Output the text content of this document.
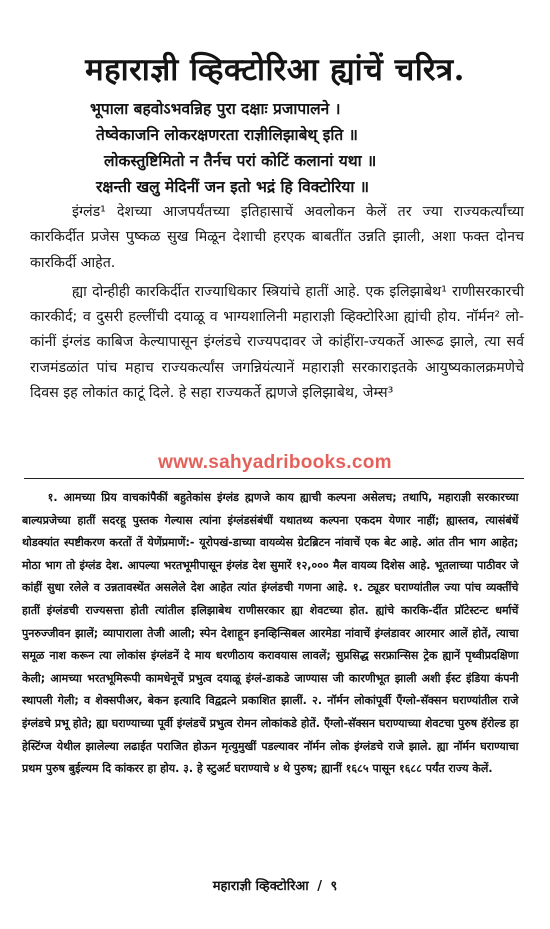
महाराज्ञी व्हिक्टोरिआ ह्यांचें चरित्र.
भूपाला बहवोऽभवन्निह पुरा दक्षाः प्रजापालने ।
तेष्वेकाजनि लोकरक्षणरता राज्ञीलिझाबेथ् इति ॥
लोकस्तुष्टिमितो न तैर्नच परां कोटिं कलानां यथा ॥
रक्षन्ती खलु मेदिनीं जन इतो भद्रं हि विक्टोरिया ॥

इंग्लंड¹ देशच्या आजपर्यंतच्या इतिहासाचें अवलोकन केलें तर ज्या राज्यकर्त्यांच्या कारकिर्दीत प्रजेस पुष्कळ सुख मिळून देशाची हरएक बाबतींत उन्नति झाली, अशा फक्त दोनच कारकिर्दी आहेत.

ह्या दोन्हीही कारकिर्दीत राज्याधिकार स्त्रियांचे हातीं आहे. एक इलिझाबेथ¹ राणीसरकारची कारकीर्द; व दुसरी हल्लींची दयाळू व भाग्यशालिनी महाराज्ञी व्हिक्टोरिआ ह्यांची होय. नॉर्मन² लो-कांनीं इंग्लंड काबिज केल्यापासून इंग्लंडचे राज्यपदावर जे कांहींरा-ज्यकर्ते आरूढ झाले, त्या सर्व राजमंडळांत पांच महाच राज्यकर्त्यांस जगन्नियंत्यानें महाराज्ञी सरकाराइतके आयुष्यकालक्रमणेचे दिवस इह लोकांत काटूं दिले. हे सहा राज्यकर्ते ह्मणजे इलिझाबेथ, जेम्स³

www.sahyadribooks.com

१. आमच्या प्रिय वाचकांपैकीं बहुतेकांस इंग्लंड ह्मणजे काय ह्याची कल्पना असेलच; तथापि, महाराज्ञी सरकारच्या बाल्यप्रजेच्या हातीं सदरहू पुस्तक गेल्यास त्यांना इंग्लंडसंबंधीं यथातथ्य कल्पना एकदम येणार नाहीं; ह्यास्तव, त्यासंबंधें थोडक्यांत स्पष्टीकरण करतों तें येणेंप्रमाणें:- यूरोपखं-डाच्या वायव्येस ग्रेटब्रिटन नांवाचें एक बेट आहे. आंत तीन भाग आहेत; मोठा भाग तो इंग्लंड देश. आपल्या भरतभूमीपासून इंग्लंड देश सुमारें १२,००० मैल वायव्य दिशेस आहे. भूतलाच्या पाठीवर जे कांहीं सुधा रलेले व उन्नतावस्थेंत असलेले देश आहेत त्यांत इंग्लंडची गणना आहे. १. ट्यूडर घराण्यांतील ज्या पांच व्यक्तींचे हातीं इंग्लंडची राज्यसत्ता होती त्यांतील इलिझाबेथ राणीसरकार ह्या शेवटच्या होत. ह्यांचे कारकि-र्दीत प्रॉटेस्टन्ट धर्माचें पुनरुज्जीवन झालें; व्यापाराला तेजी आली; स्पेन देशाहून इनव्हिन्सिबल आरमेडा नांवाचें इंग्लंडावर आरमार आलें होतें, त्याचा समूळ नाश करून त्या लोकांस इंग्लंडनें दे माय धरणीठाय करावयास लावलें; सुप्रसिद्ध सरफ्रान्सिस ट्रेक ह्यानें पृथ्वीप्रदक्षिणा केली; आमच्या भरतभूमिरूपी कामधेनूचें प्रभुत्व दयाळू इंग्लं-डाकडे जाण्यास जी कारणीभूत झाली अशी ईस्ट इंडिया कंपनी स्थापली गेली; व शेक्सपीअर, बेकन इत्यादि विद्वद्रत्ने प्रकाशित झालीं. २. नॉर्मन लोकांपूर्वी ऍंग्लो-सॅक्सन घराण्यांतील राजे इंग्लंडचे प्रभू होते; ह्या घराण्याच्या पूर्वी इंग्लंडचें प्रभुत्व रोमन लोकांकडे होतें. ऍंग्लो-सॅक्सन घराण्याच्या शेवटचा पुरुष हॅरोल्ड हा हेस्टिंग्ज येथील झालेल्या लढाईत पराजित होऊन मृत्युमुखीं पडल्यावर नॉर्मन लोक इंग्लंडचे राजे झाले. ह्या नॉर्मन घराण्याचा प्रथम पुरुष बुईल्यम दि कांकरर हा होय. ३. हे स्टुअर्ट घराण्याचे ४ थे पुरुष; ह्यानीं १६८५ पासून १६८८ पर्यंत राज्य केलें.

महाराज्ञी व्हिक्टोरिआ / ९
